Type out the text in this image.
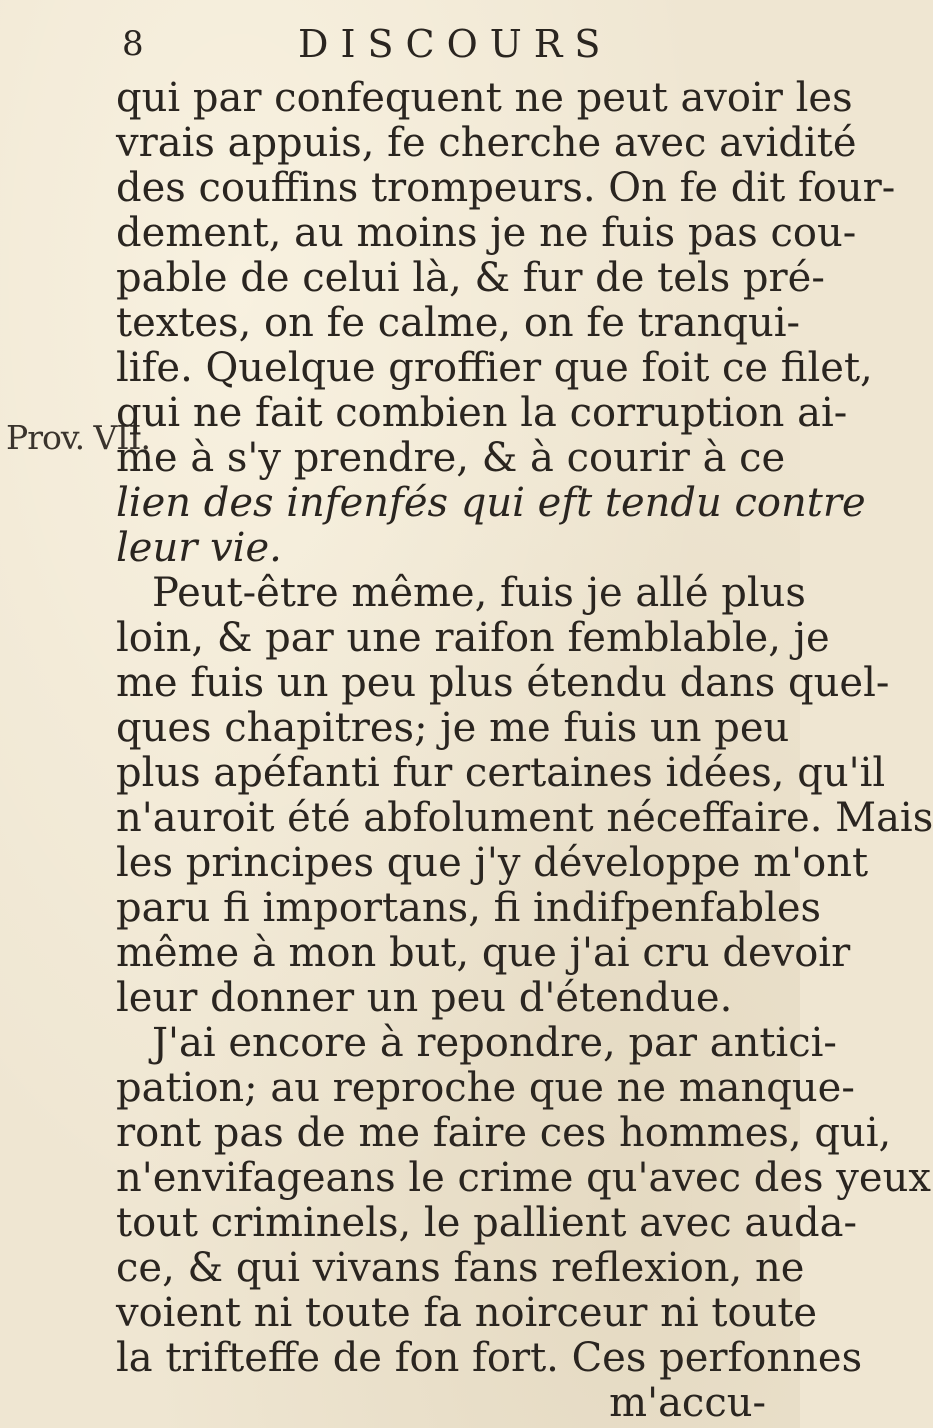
8	DISCOURS
Prov. VII.
qui par confequent ne peut avoir les
vrais appuis, fe cherche avec avidité
des couffins trompeurs. On fe dit four-
dement, au moins je ne fuis pas cou-
pable de celui là, & fur de tels pré-
textes, on fe calme, on fe tranqui-
life. Quelque groffier que foit ce filet,
qui ne fait combien la corruption ai-
me à s'y prendre, & à courir à ce
lien des infenfés qui eft tendu contre
leur vie.
Peut-être même, fuis je allé plus
loin, & par une raifon femblable, je
me fuis un peu plus étendu dans quel-
ques chapitres; je me fuis un peu
plus apéfanti fur certaines idées, qu'il
n'auroit été abfolument néceffaire. Mais
les principes que j'y développe m'ont
paru fi importans, fi indifpenfables
même à mon but, que j'ai cru devoir
leur donner un peu d'étendue.
J'ai encore à repondre, par antici-
pation; au reproche que ne manque-
ront pas de me faire ces hommes, qui,
n'envifageans le crime qu'avec des yeux
tout criminels, le pallient avec auda-
ce, & qui vivans fans reflexion, ne
voient ni toute fa noirceur ni toute
la trifteffe de fon fort. Ces perfonnes
m'accu-
